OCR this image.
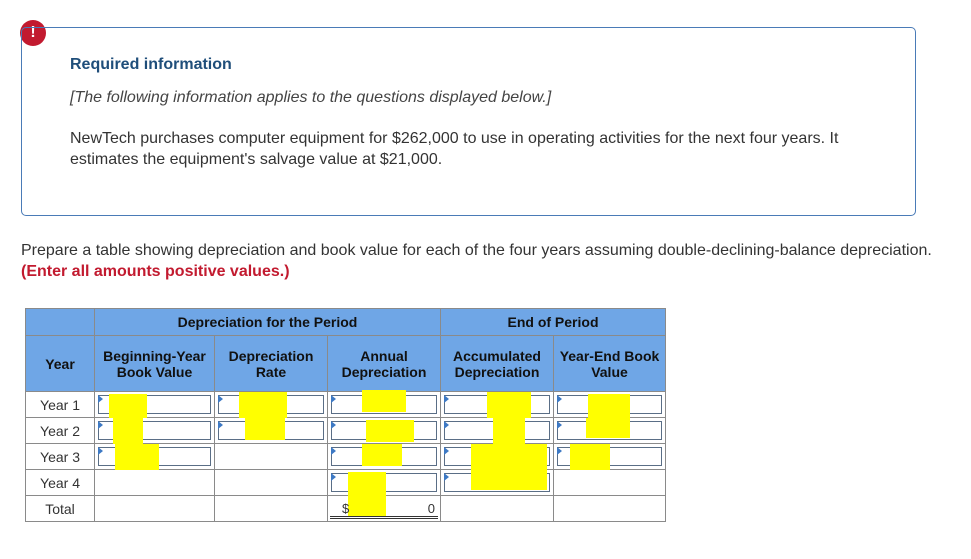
!
Required information
[The following information applies to the questions displayed below.]
NewTech purchases computer equipment for $262,000 to use in operating activities for the next four years. It estimates the equipment's salvage value at $21,000.
Prepare a table showing depreciation and book value for each of the four years assuming double-declining-balance depreciation. (Enter all amounts positive values.)
	Depreciation for the Period			End of Period	
Year	Beginning-Year Book Value	Depreciation Rate	Annual Depreciation	Accumulated Depreciation	Year-End Book Value
Year 1	

Year 2	

Year 3	

Year 4			

Total			$ 0		
